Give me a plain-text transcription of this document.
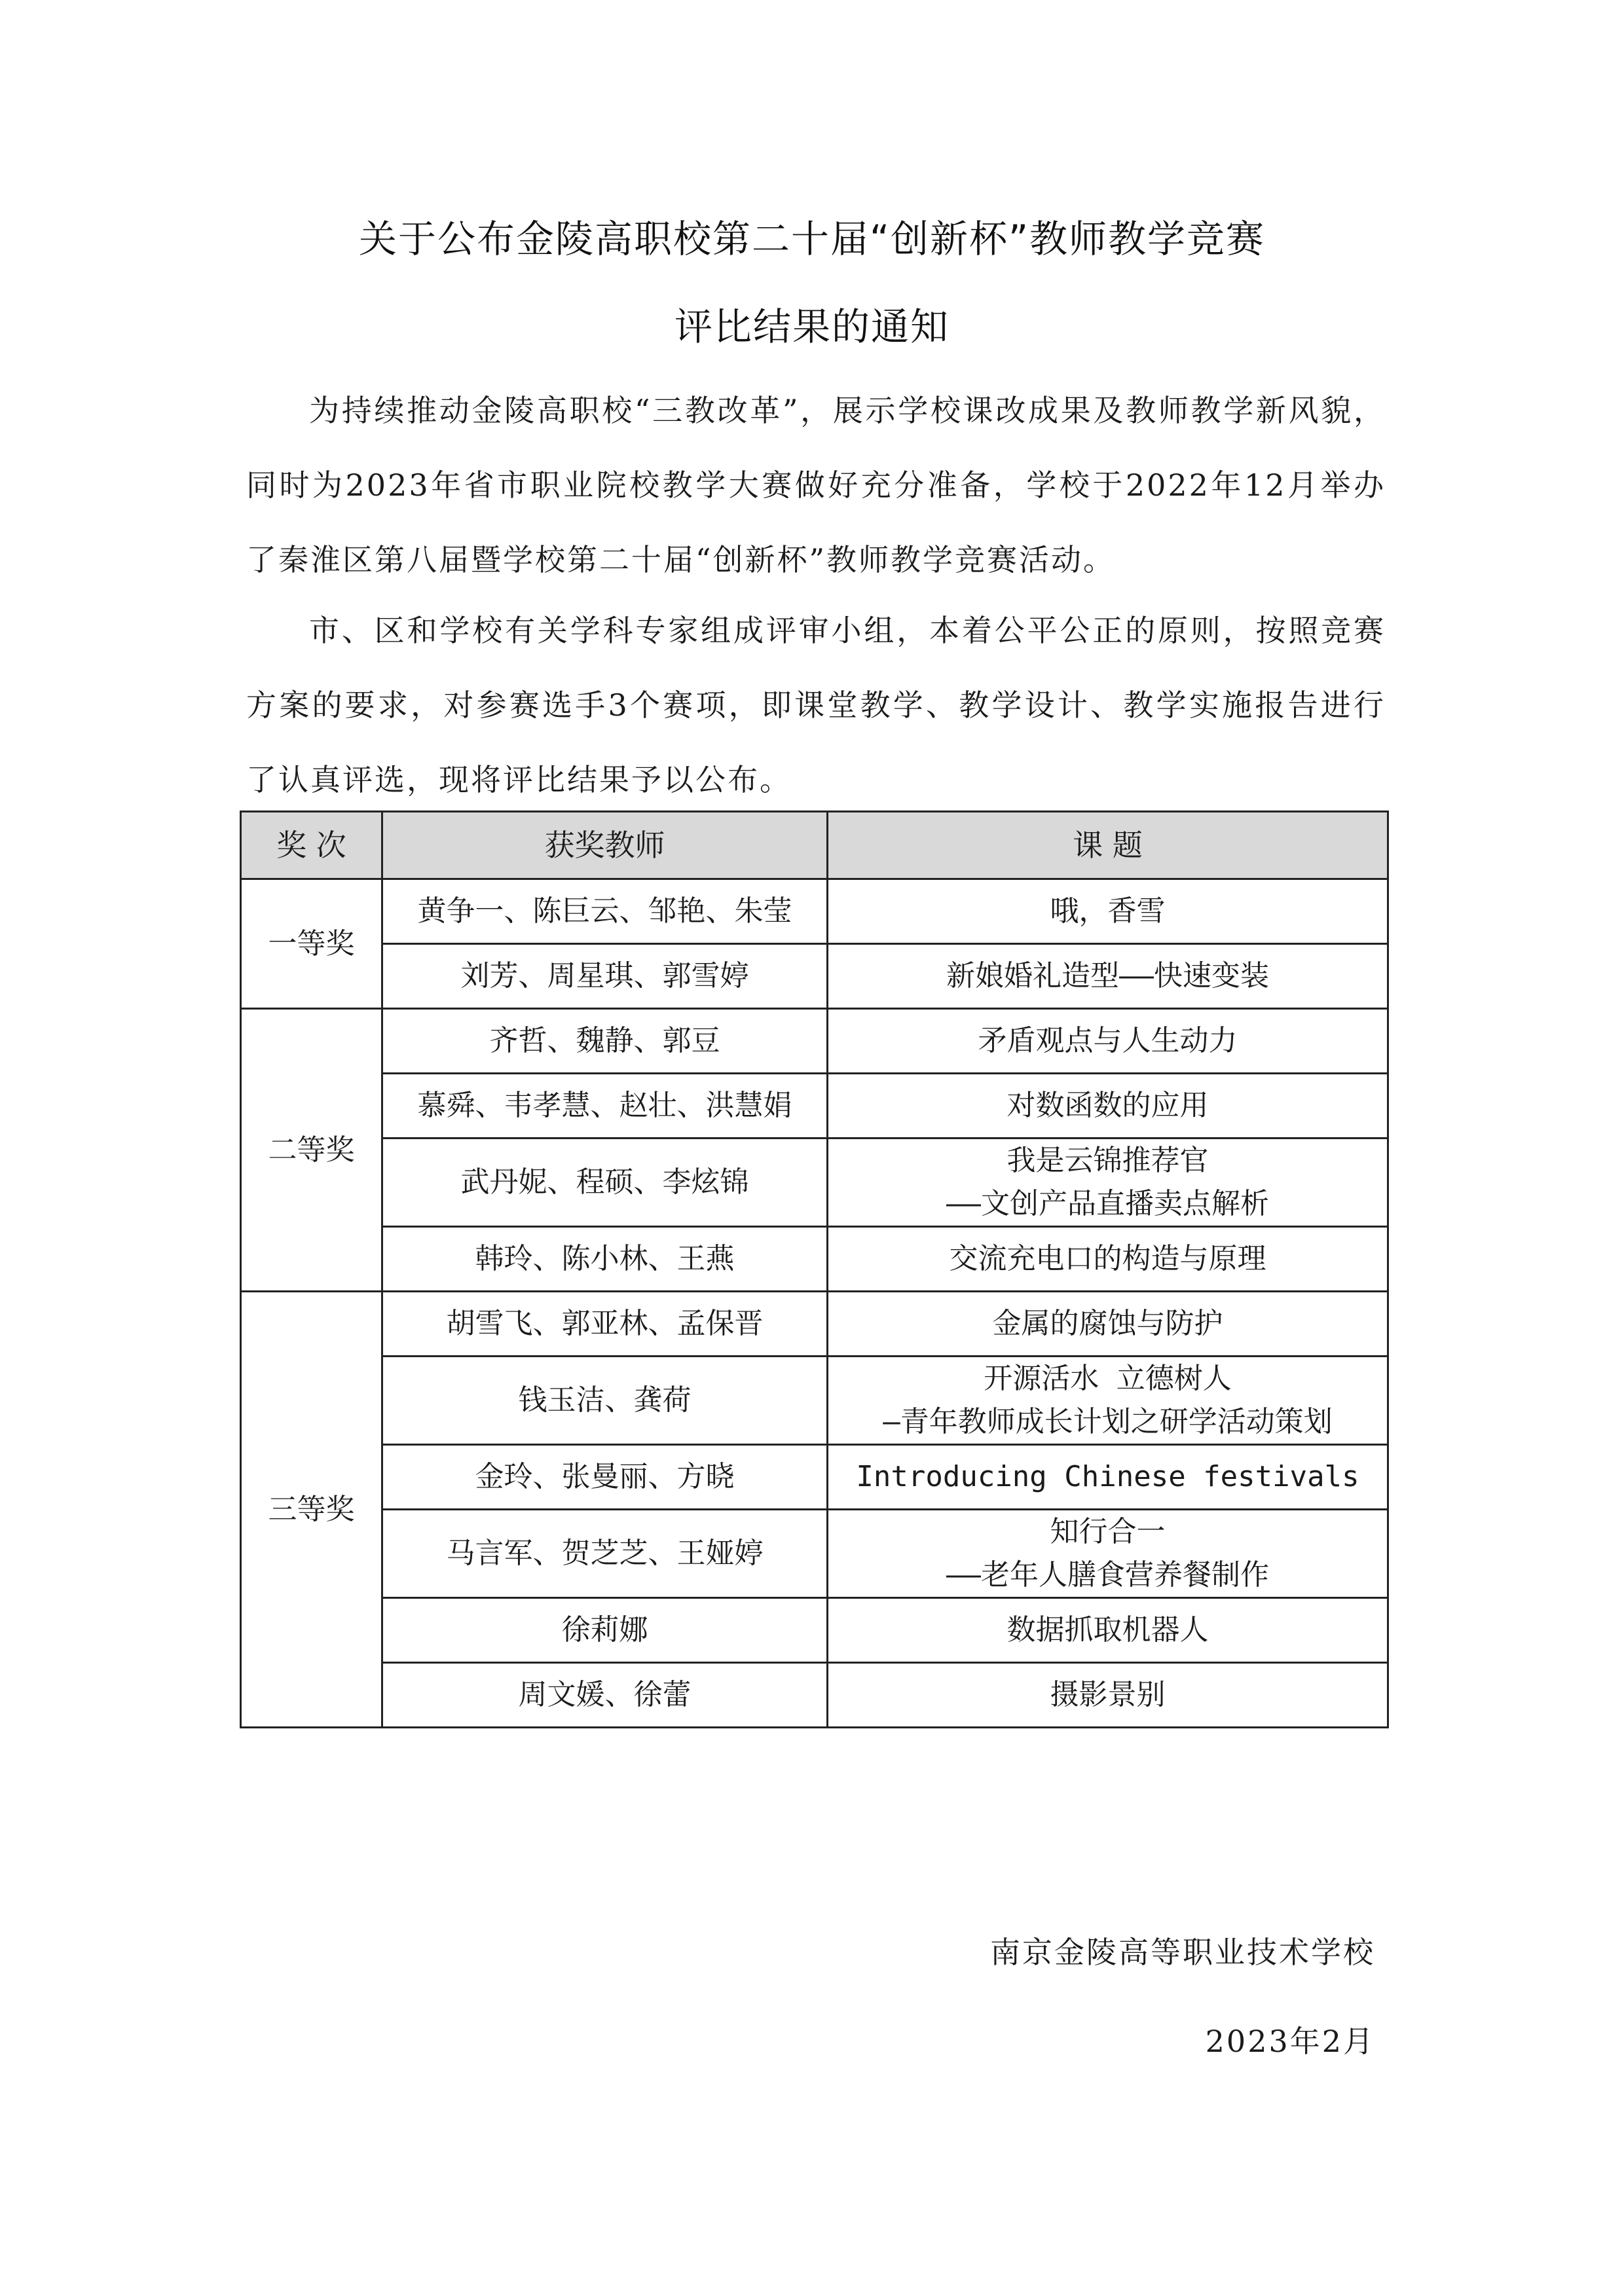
关于公布金陵高职校第二十届“创新杯”教师教学竞赛
评比结果的通知

为持续推动金陵高职校“三教改革”，展示学校课改成果及教师教学新风貌，同时为2023年省市职业院校教学大赛做好充分准备，学校于2022年12月举办了秦淮区第八届暨学校第二十届“创新杯”教师教学竞赛活动。

市、区和学校有关学科专家组成评审小组，本着公平公正的原则，按照竞赛方案的要求，对参赛选手3个赛项，即课堂教学、教学设计、教学实施报告进行了认真评选，现将评比结果予以公布。

奖 次	获奖教师	课 题
一等奖	黄争一、陈巨云、邹艳、朱莹	哦，香雪

	刘芳、周星琪、郭雪婷	新娘婚礼造型——快速变装

二等奖	齐哲、魏静、郭豆	矛盾观点与人生动力

	慕舜、韦孝慧、赵壮、洪慧娟	对数函数的应用

	武丹妮、程硕、李炫锦	我是云锦推荐官
——文创产品直播卖点解析

	韩玲、陈小林、王燕	交流充电口的构造与原理

三等奖	胡雪飞、郭亚林、孟保晋	金属的腐蚀与防护

	钱玉洁、龚荷	开源活水 立德树人
—青年教师成长计划之研学活动策划

	金玲、张曼丽、方晓	Introducing Chinese festivals

	马言军、贺芝芝、王娅婷	知行合一
——老年人膳食营养餐制作

	徐莉娜	数据抓取机器人

	周文媛、徐蕾	摄影景别
南京金陵高等职业技术学校
2023年2月
